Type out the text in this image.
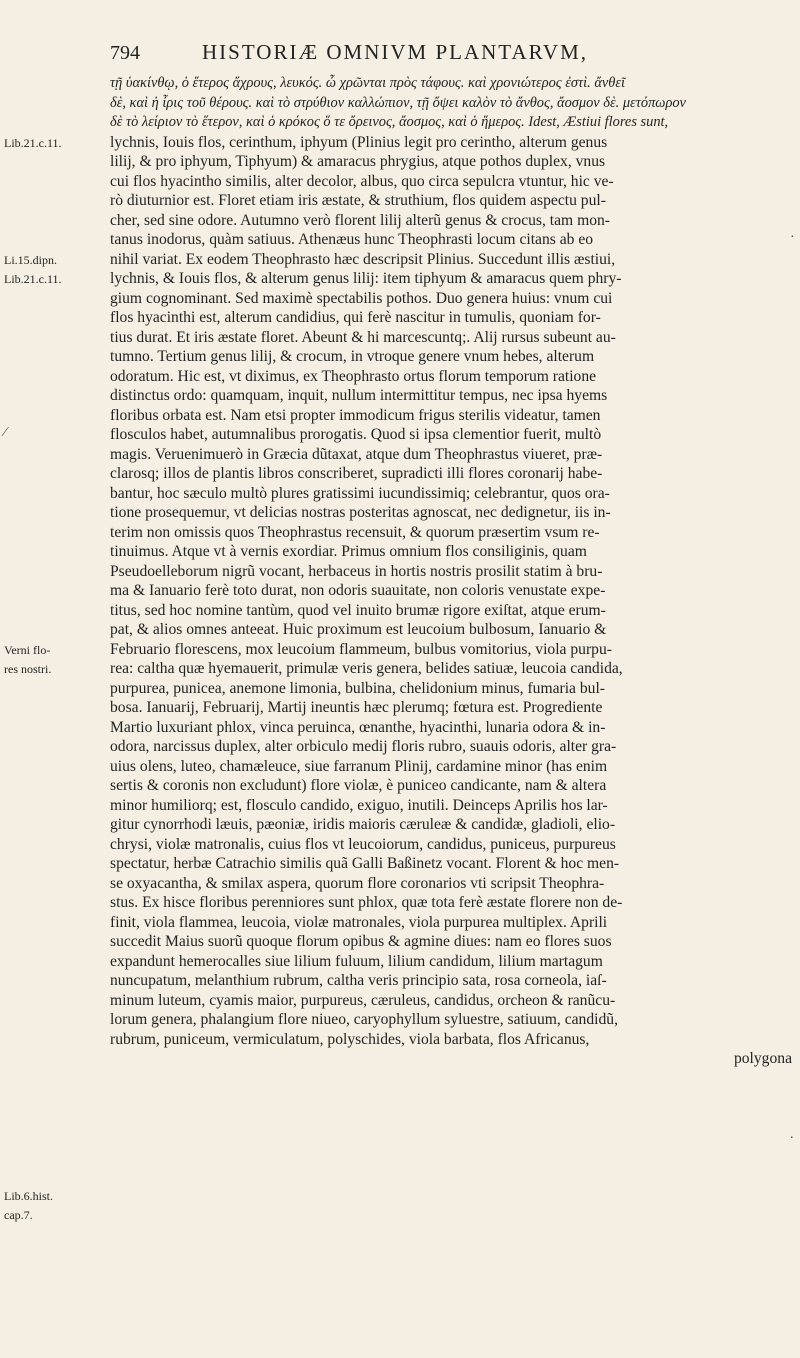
794	HISTORIÆ OMNIVM PLANTARVM,
Lib.21.c.11.
Li.15.dipn.
Lib.21.c.11.
Verni flo-
res nostri.
Lib.6.hist.
cap.7.
τῇ ὑακίνθῳ, ὁ ἕτερος ἄχρους, λευκός. ὦ χρῶνται πρὸς τάφους. καὶ χρονιώτερος ἐστὶ. ἄνθεῖ
δὲ, καὶ ἡ ἶρις τοῦ θέρους. καὶ τὸ στρύθιον καλλώπιον, τῇ ὄψει καλὸν τὸ ἄνθος, ἄοσμον δὲ. μετόπωρον
δὲ τὸ λείριον τὸ ἕτερον, καὶ ὁ κρόκος ὅ τε ὄρεινος, ἄοσμος, καὶ ὁ ἥμερος. Idest, Æstiui flores sunt,
lychnis, Iouis flos, cerinthum, iphyum (Plinius legit pro cerintho, alterum genus
lilij, & pro iphyum, Tiphyum) & amaracus phrygius, atque pothos duplex, vnus
cui flos hyacintho similis, alter decolor, albus, quo circa sepulcra vtuntur, hic ve-
rò diuturnior est. Floret etiam iris æstate, & struthium, flos quidem aspectu pul-
cher, sed sine odore. Autumno verò florent lilij alterũ genus & crocus, tam mon-
tanus inodorus, quàm satiuus. Athenæus hunc Theophrasti locum citans ab eo
nihil variat. Ex eodem Theophrasto hæc descripsit Plinius. Succedunt illis æstiui,
lychnis, & Iouis flos, & alterum genus lilij: item tiphyum & amaracus quem phry-
gium cognominant. Sed maximè spectabilis pothos. Duo genera huius: vnum cui
flos hyacinthi est, alterum candidius, qui ferè nascitur in tumulis, quoniam for-
tius durat. Et iris æstate floret. Abeunt & hi marcescuntq;. Alij rursus subeunt au-
tumno. Tertium genus lilij, & crocum, in vtroque genere vnum hebes, alterum
odoratum. Hic est, vt diximus, ex Theophrasto ortus florum temporum ratione
distinctus ordo: quamquam, inquit, nullum intermittitur tempus, nec ipsa hyems
floribus orbata est. Nam etsi propter immodicum frigus sterilis videatur, tamen
flosculos habet, autumnalibus prorogatis. Quod si ipsa clementior fuerit, multò
magis. Veruenimuerò in Græcia dũtaxat, atque dum Theophrastus viueret, præ-
clarosq; illos de plantis libros conscriberet, supradicti illi flores coronarij habe-
bantur, hoc sæculo multò plures gratissimi iucundissimiq; celebrantur, quos ora-
tione prosequemur, vt delicias nostras posteritas agnoscat, nec dedignetur, iis in-
terim non omissis quos Theophrastus recensuit, & quorum præsertim vsum re-
tinuimus. Atque vt à vernis exordiar. Primus omnium flos consiliginis, quam
Pseudoelleborum nigrũ vocant, herbaceus in hortis nostris prosilit statim à bru-
ma & Ianuario ferè toto durat, non odoris suauitate, non coloris venustate expe-
titus, sed hoc nomine tantùm, quod vel inuito brumæ rigore exiſtat, atque erum-
pat, & alios omnes anteeat. Huic proximum est leucoium bulbosum, Ianuario &
Februario florescens, mox leucoium flammeum, bulbus vomitorius, viola purpu-
rea: caltha quæ hyemauerit, primulæ veris genera, belides satiuæ, leucoia candida,
purpurea, punicea, anemone limonia, bulbina, chelidonium minus, fumaria bul-
bosa. Ianuarij, Februarij, Martij ineuntis hæc plerumq; fœtura est. Progrediente
Martio luxuriant phlox, vinca peruinca, œnanthe, hyacinthi, lunaria odora & in-
odora, narcissus duplex, alter orbiculo medij floris rubro, suauis odoris, alter gra-
uius olens, luteo, chamæleuce, siue farranum Plinij, cardamine minor (has enim
sertis & coronis non excludunt) flore violæ, è puniceo candicante, nam & altera
minor humiliorq; est, flosculo candido, exiguo, inutili. Deinceps Aprilis hos lar-
gitur cynorrhodi læuis, pæoniæ, iridis maioris cæruleæ & candidæ, gladioli, elio-
chrysi, violæ matronalis, cuius flos vt leucoiorum, candidus, puniceus, purpureus
spectatur, herbæ Catrachio similis quã Galli Baßinetz vocant. Florent & hoc men-
se oxyacantha, & smilax aspera, quorum flore coronarios vti scripsit Theophra-
stus. Ex hisce floribus perenniores sunt phlox, quæ tota ferè æstate florere non de-
finit, viola flammea, leucoia, violæ matronales, viola purpurea multiplex. Aprili
succedit Maius suorũ quoque florum opibus & agmine diues: nam eo flores suos
expandunt hemerocalles siue lilium fuluum, lilium candidum, lilium martagum
nuncupatum, melanthium rubrum, caltha veris principio sata, rosa corneola, iaſ-
minum luteum, cyamis maior, purpureus, cæruleus, candidus, orcheon & ranũcu-
lorum genera, phalangium flore niueo, caryophyllum syluestre, satiuum, candidũ,
rubrum, puniceum, vermiculatum, polyschides, viola barbata, flos Africanus,
polygona
·
⁄
.
